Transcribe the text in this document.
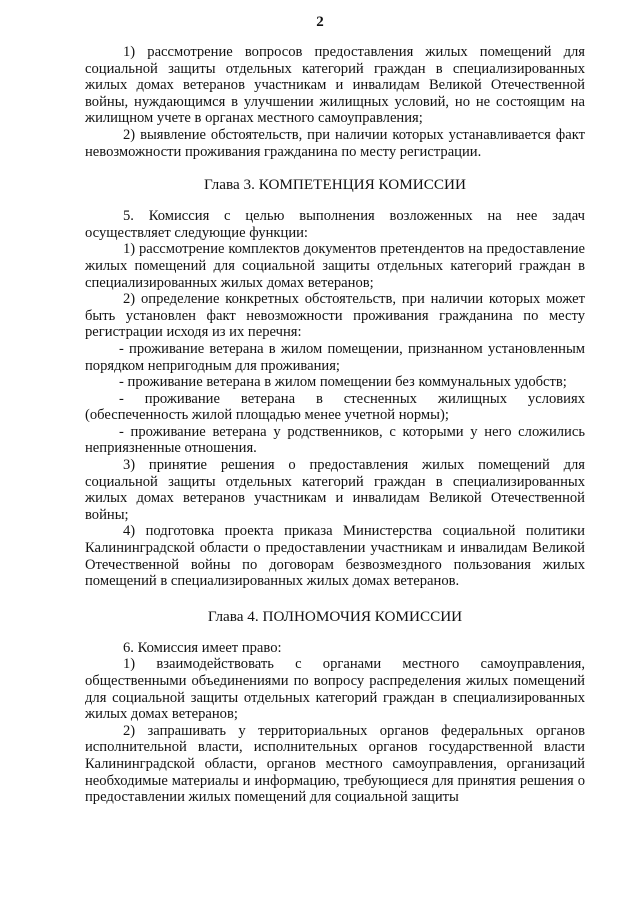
2

1) рассмотрение вопросов предоставления жилых помещений для социальной защиты отдельных категорий граждан в специализированных жилых домах ветеранов участникам и инвалидам Великой Отечественной войны, нуждающимся в улучшении жилищных условий, но не состоящим на жилищном учете в органах местного самоуправления;

2) выявление обстоятельств, при наличии которых устанавливается факт невозможности проживания гражданина по месту регистрации.

Глава 3. КОМПЕТЕНЦИЯ КОМИССИИ

5. Комиссия с целью выполнения возложенных на нее задач осуществляет следующие функции:

1) рассмотрение комплектов документов претендентов на предоставление жилых помещений для социальной защиты отдельных категорий граждан в специализированных жилых домах ветеранов;

2) определение конкретных обстоятельств, при наличии которых может быть установлен факт невозможности проживания гражданина по месту регистрации исходя из их перечня:

- проживание ветерана в жилом помещении, признанном установленным порядком непригодным для проживания;

- проживание ветерана в жилом помещении без коммунальных удобств;

- проживание ветерана в стесненных жилищных условиях (обеспеченность жилой площадью менее учетной нормы);

- проживание ветерана у родственников, с которыми у него сложились неприязненные отношения.

3) принятие решения о предоставления жилых помещений для социальной защиты отдельных категорий граждан в специализированных жилых домах ветеранов участникам и инвалидам Великой Отечественной войны;

4) подготовка проекта приказа Министерства социальной политики Калининградской области о предоставлении участникам и инвалидам Великой Отечественной войны по договорам безвозмездного пользования жилых помещений в специализированных жилых домах ветеранов.

Глава 4. ПОЛНОМОЧИЯ КОМИССИИ

6. Комиссия имеет право:

1) взаимодействовать с органами местного самоуправления, общественными объединениями по вопросу распределения жилых помещений для социальной защиты отдельных категорий граждан в специализированных жилых домах ветеранов;

2) запрашивать у территориальных органов федеральных органов исполнительной власти, исполнительных органов государственной власти Калининградской области, органов местного самоуправления, организаций необходимые материалы и информацию, требующиеся для принятия решения о предоставлении жилых помещений для социальной защиты
